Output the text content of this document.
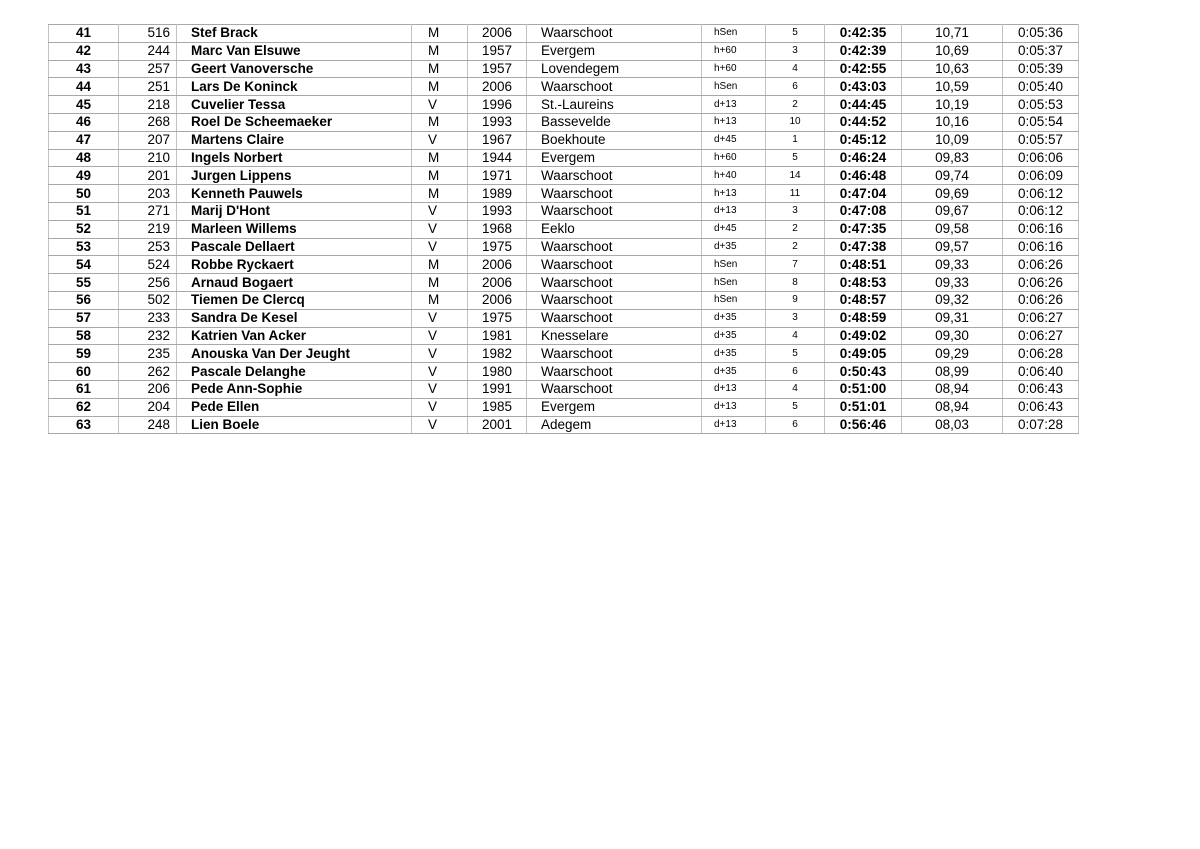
41	516	Stef Brack	M	2006	Waarschoot	hSen	5	0:42:35	10,71	0:05:36
42	244	Marc Van Elsuwe	M	1957	Evergem	h+60	3	0:42:39	10,69	0:05:37
43	257	Geert Vanoversche	M	1957	Lovendegem	h+60	4	0:42:55	10,63	0:05:39
44	251	Lars De Koninck	M	2006	Waarschoot	hSen	6	0:43:03	10,59	0:05:40
45	218	Cuvelier Tessa	V	1996	St.-Laureins	d+13	2	0:44:45	10,19	0:05:53
46	268	Roel De Scheemaeker	M	1993	Bassevelde	h+13	10	0:44:52	10,16	0:05:54
47	207	Martens Claire	V	1967	Boekhoute	d+45	1	0:45:12	10,09	0:05:57
48	210	Ingels Norbert	M	1944	Evergem	h+60	5	0:46:24	09,83	0:06:06
49	201	Jurgen Lippens	M	1971	Waarschoot	h+40	14	0:46:48	09,74	0:06:09
50	203	Kenneth Pauwels	M	1989	Waarschoot	h+13	11	0:47:04	09,69	0:06:12
51	271	Marij D'Hont	V	1993	Waarschoot	d+13	3	0:47:08	09,67	0:06:12
52	219	Marleen Willems	V	1968	Eeklo	d+45	2	0:47:35	09,58	0:06:16
53	253	Pascale Dellaert	V	1975	Waarschoot	d+35	2	0:47:38	09,57	0:06:16
54	524	Robbe Ryckaert	M	2006	Waarschoot	hSen	7	0:48:51	09,33	0:06:26
55	256	Arnaud Bogaert	M	2006	Waarschoot	hSen	8	0:48:53	09,33	0:06:26
56	502	Tiemen De Clercq	M	2006	Waarschoot	hSen	9	0:48:57	09,32	0:06:26
57	233	Sandra De Kesel	V	1975	Waarschoot	d+35	3	0:48:59	09,31	0:06:27
58	232	Katrien Van Acker	V	1981	Knesselare	d+35	4	0:49:02	09,30	0:06:27
59	235	Anouska Van Der Jeught	V	1982	Waarschoot	d+35	5	0:49:05	09,29	0:06:28
60	262	Pascale Delanghe	V	1980	Waarschoot	d+35	6	0:50:43	08,99	0:06:40
61	206	Pede Ann-Sophie	V	1991	Waarschoot	d+13	4	0:51:00	08,94	0:06:43
62	204	Pede Ellen	V	1985	Evergem	d+13	5	0:51:01	08,94	0:06:43
63	248	Lien Boele	V	2001	Adegem	d+13	6	0:56:46	08,03	0:07:28
